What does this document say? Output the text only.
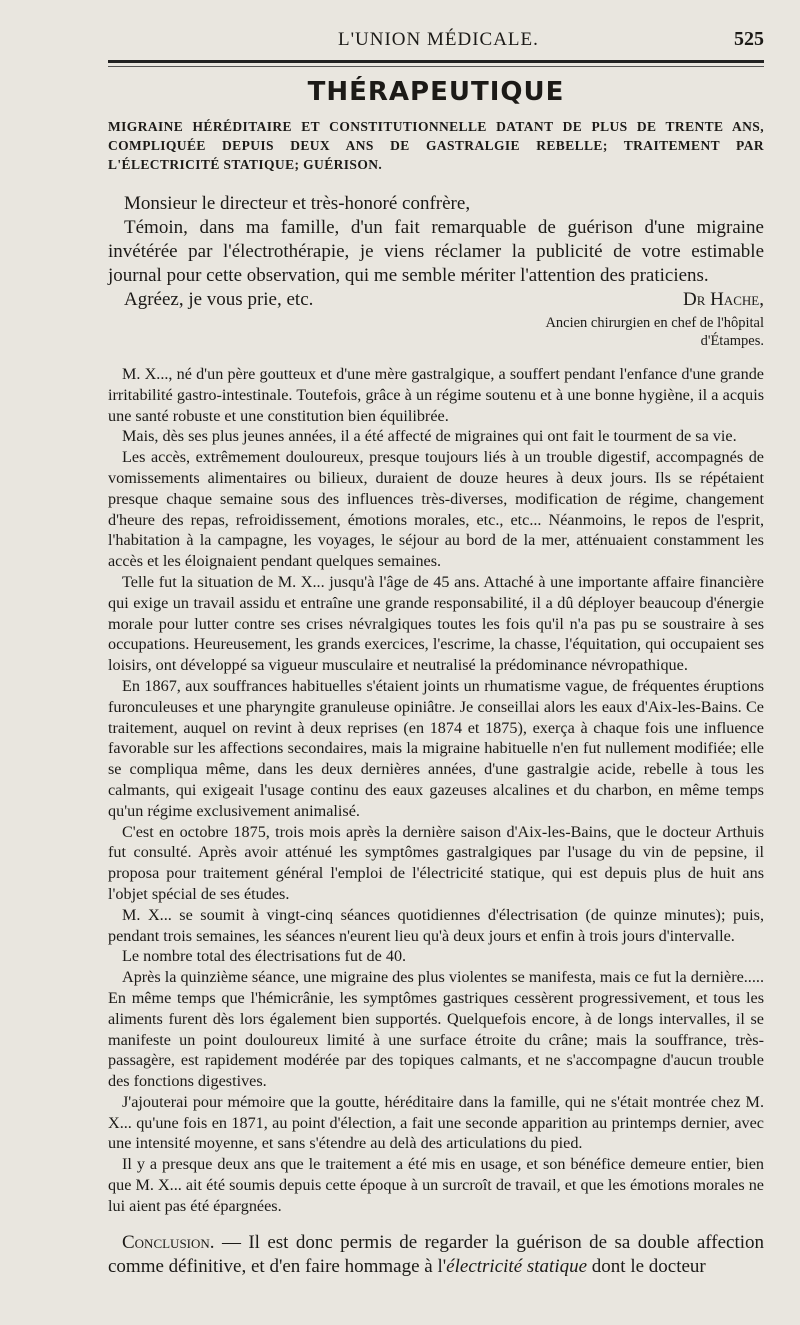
L'UNION MÉDICALE.	525
THÉRAPEUTIQUE
MIGRAINE HÉRÉDITAIRE ET CONSTITUTIONNELLE DATANT DE PLUS DE TRENTE ANS, COMPLIQUÉE DEPUIS DEUX ANS DE GASTRALGIE REBELLE; TRAITEMENT PAR L'ÉLECTRICITÉ STATIQUE; GUÉRISON.

Monsieur le directeur et très-honoré confrère,

Témoin, dans ma famille, d'un fait remarquable de guérison d'une migraine invétérée par l'électrothérapie, je viens réclamer la publicité de votre estimable journal pour cette observation, qui me semble mériter l'attention des praticiens.

Agréez, je vous prie, etc.	Dr Hache,
Ancien chirurgien en chef de l'hôpital
d'Étampes.

M. X..., né d'un père goutteux et d'une mère gastralgique, a souffert pendant l'enfance d'une grande irritabilité gastro-intestinale. Toutefois, grâce à un régime soutenu et à une bonne hygiène, il a acquis une santé robuste et une constitution bien équilibrée.

Mais, dès ses plus jeunes années, il a été affecté de migraines qui ont fait le tourment de sa vie.

Les accès, extrêmement douloureux, presque toujours liés à un trouble digestif, accompagnés de vomissements alimentaires ou bilieux, duraient de douze heures à deux jours. Ils se répétaient presque chaque semaine sous des influences très-diverses, modification de régime, changement d'heure des repas, refroidissement, émotions morales, etc., etc... Néanmoins, le repos de l'esprit, l'habitation à la campagne, les voyages, le séjour au bord de la mer, atténuaient constamment les accès et les éloignaient pendant quelques semaines.

Telle fut la situation de M. X... jusqu'à l'âge de 45 ans. Attaché à une importante affaire financière qui exige un travail assidu et entraîne une grande responsabilité, il a dû déployer beaucoup d'énergie morale pour lutter contre ses crises névralgiques toutes les fois qu'il n'a pas pu se soustraire à ses occupations. Heureusement, les grands exercices, l'escrime, la chasse, l'équitation, qui occupaient ses loisirs, ont développé sa vigueur musculaire et neutralisé la prédominance névropathique.

En 1867, aux souffrances habituelles s'étaient joints un rhumatisme vague, de fréquentes éruptions furonculeuses et une pharyngite granuleuse opiniâtre. Je conseillai alors les eaux d'Aix-les-Bains. Ce traitement, auquel on revint à deux reprises (en 1874 et 1875), exerça à chaque fois une influence favorable sur les affections secondaires, mais la migraine habituelle n'en fut nullement modifiée; elle se compliqua même, dans les deux dernières années, d'une gastralgie acide, rebelle à tous les calmants, qui exigeait l'usage continu des eaux gazeuses alcalines et du charbon, en même temps qu'un régime exclusivement animalisé.

C'est en octobre 1875, trois mois après la dernière saison d'Aix-les-Bains, que le docteur Arthuis fut consulté. Après avoir atténué les symptômes gastralgiques par l'usage du vin de pepsine, il proposa pour traitement général l'emploi de l'électricité statique, qui est depuis plus de huit ans l'objet spécial de ses études.

M. X... se soumit à vingt-cinq séances quotidiennes d'électrisation (de quinze minutes); puis, pendant trois semaines, les séances n'eurent lieu qu'à deux jours et enfin à trois jours d'intervalle.

Le nombre total des électrisations fut de 40.

Après la quinzième séance, une migraine des plus violentes se manifesta, mais ce fut la dernière..... En même temps que l'hémicrânie, les symptômes gastriques cessèrent progressivement, et tous les aliments furent dès lors également bien supportés. Quelquefois encore, à de longs intervalles, il se manifeste un point douloureux limité à une surface étroite du crâne; mais la souffrance, très-passagère, est rapidement modérée par des topiques calmants, et ne s'accompagne d'aucun trouble des fonctions digestives.

J'ajouterai pour mémoire que la goutte, héréditaire dans la famille, qui ne s'était montrée chez M. X... qu'une fois en 1871, au point d'élection, a fait une seconde apparition au printemps dernier, avec une intensité moyenne, et sans s'étendre au delà des articulations du pied.

Il y a presque deux ans que le traitement a été mis en usage, et son bénéfice demeure entier, bien que M. X... ait été soumis depuis cette époque à un surcroît de travail, et que les émotions morales ne lui aient pas été épargnées.

Conclusion. — Il est donc permis de regarder la guérison de sa double affection comme définitive, et d'en faire hommage à l'électricité statique dont le docteur
